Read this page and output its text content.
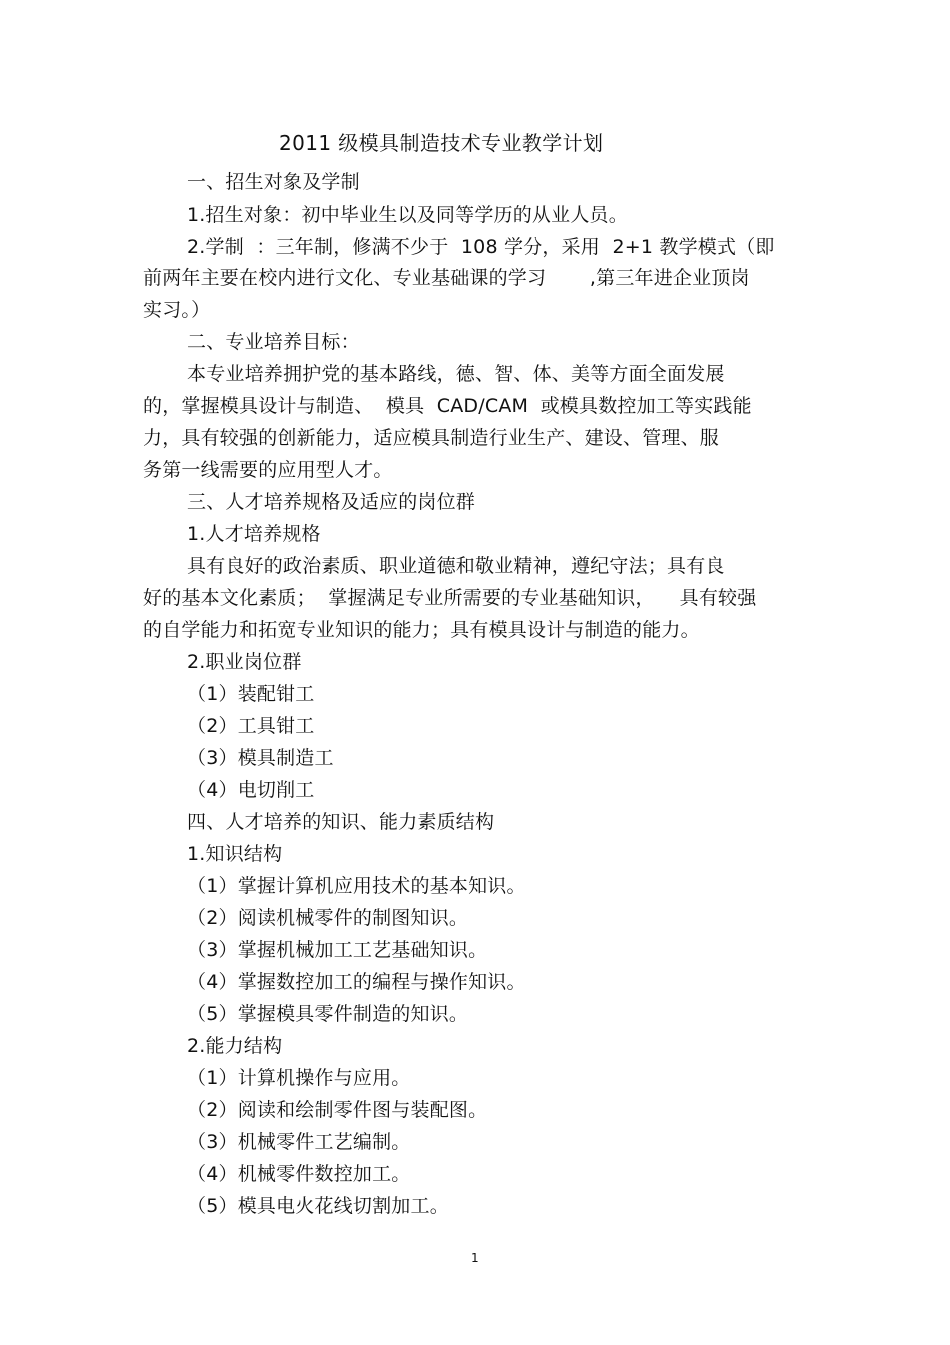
2011 级模具制造技术专业教学计划
一、招生对象及学制
1.招生对象：初中毕业生以及同等学历的从业人员。
2.学制  ：三年制，修满不少于  108 学分，采用  2+1 教学模式（即
前两年主要在校内进行文化、专业基础课的学习       ,第三年进企业顶岗
实习。）
二、专业培养目标：
本专业培养拥护党的基本路线，德、智、体、美等方面全面发展
的，掌握模具设计与制造、  模具  CAD/CAM  或模具数控加工等实践能
力，具有较强的创新能力，适应模具制造行业生产、建设、管理、服
务第一线需要的应用型人才。
三、人才培养规格及适应的岗位群
1.人才培养规格
具有良好的政治素质、职业道德和敬业精神，遵纪守法；具有良
好的基本文化素质；  掌握满足专业所需要的专业基础知识，    具有较强
的自学能力和拓宽专业知识的能力；具有模具设计与制造的能力。
2.职业岗位群
（1）装配钳工
（2）工具钳工
（3）模具制造工
（4）电切削工
四、人才培养的知识、能力素质结构
1.知识结构
（1）掌握计算机应用技术的基本知识。
（2）阅读机械零件的制图知识。
（3）掌握机械加工工艺基础知识。
（4）掌握数控加工的编程与操作知识。
（5）掌握模具零件制造的知识。
2.能力结构
（1）计算机操作与应用。
（2）阅读和绘制零件图与装配图。
（3）机械零件工艺编制。
（4）机械零件数控加工。
（5）模具电火花线切割加工。
1
